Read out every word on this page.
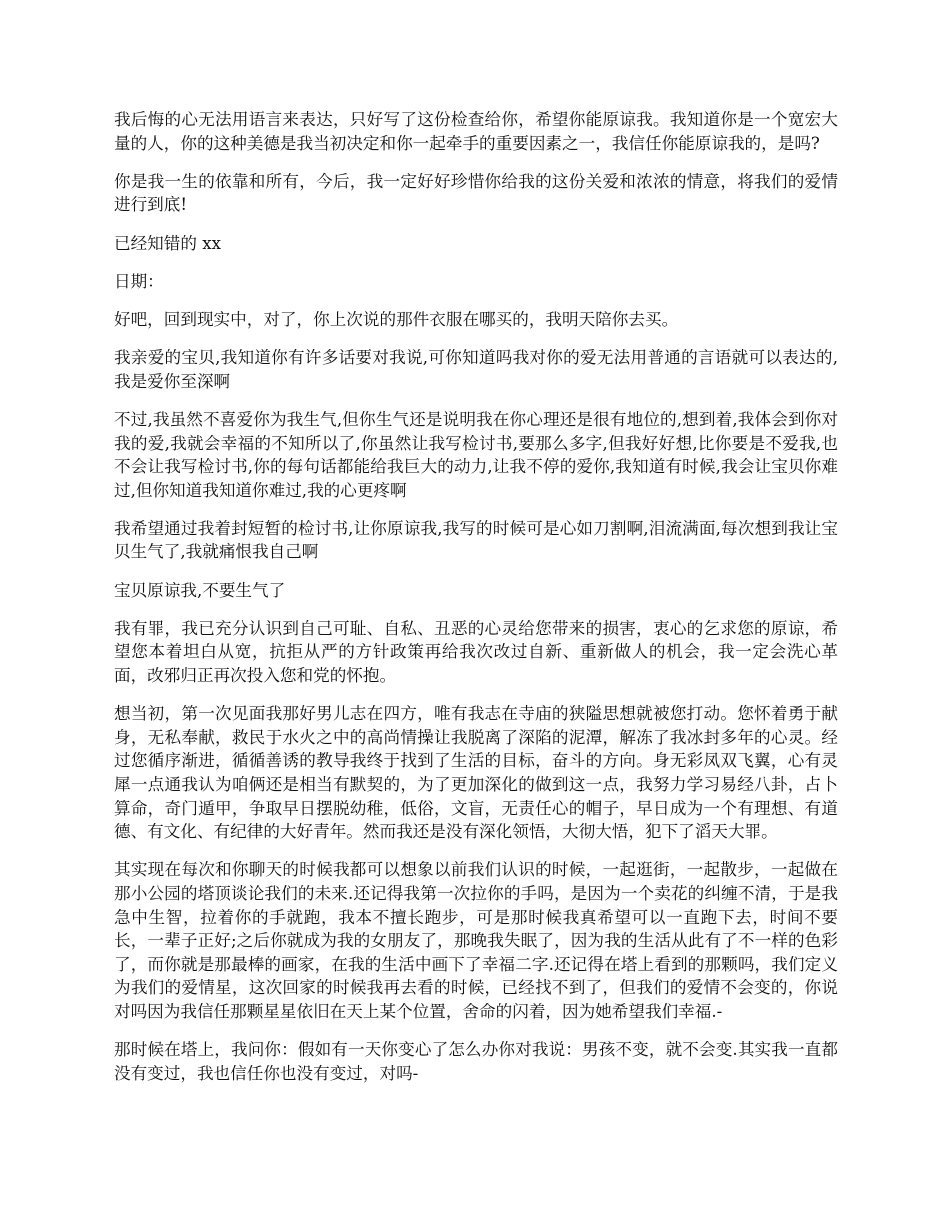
我后悔的心无法用语言来表达，只好写了这份检查给你，希望你能原谅我。我知道你是一个宽宏大量的人，你的这种美德是我当初决定和你一起牵手的重要因素之一，我信任你能原谅我的，是吗?

你是我一生的依靠和所有，今后，我一定好好珍惜你给我的这份关爱和浓浓的情意，将我们的爱情进行到底!

已经知错的 xx

日期：

好吧，回到现实中，对了，你上次说的那件衣服在哪买的，我明天陪你去买。

我亲爱的宝贝,我知道你有许多话要对我说,可你知道吗我对你的爱无法用普通的言语就可以表达的,我是爱你至深啊

不过,我虽然不喜爱你为我生气,但你生气还是说明我在你心理还是很有地位的,想到着,我体会到你对我的爱,我就会幸福的不知所以了,你虽然让我写检讨书,要那么多字,但我好好想,比你要是不爱我,也不会让我写检讨书,你的每句话都能给我巨大的动力,让我不停的爱你,我知道有时候,我会让宝贝你难过,但你知道我知道你难过,我的心更疼啊

我希望通过我着封短暂的检讨书,让你原谅我,我写的时候可是心如刀割啊,泪流满面,每次想到我让宝贝生气了,我就痛恨我自己啊

宝贝原谅我,不要生气了

我有罪，我已充分认识到自己可耻、自私、丑恶的心灵给您带来的损害，衷心的乞求您的原谅，希望您本着坦白从宽，抗拒从严的方针政策再给我次改过自新、重新做人的机会，我一定会洗心革面，改邪归正再次投入您和党的怀抱。

想当初，第一次见面我那好男儿志在四方，唯有我志在寺庙的狭隘思想就被您打动。您怀着勇于献身，无私奉献，救民于水火之中的高尚情操让我脱离了深陷的泥潭，解冻了我冰封多年的心灵。经过您循序渐进，循循善诱的教导我终于找到了生活的目标，奋斗的方向。身无彩凤双飞翼，心有灵犀一点通我认为咱俩还是相当有默契的，为了更加深化的做到这一点，我努力学习易经八卦，占卜算命，奇门遁甲，争取早日摆脱幼稚，低俗，文盲，无责任心的帽子，早日成为一个有理想、有道德、有文化、有纪律的大好青年。然而我还是没有深化领悟，大彻大悟，犯下了滔天大罪。

其实现在每次和你聊天的时候我都可以想象以前我们认识的时候，一起逛街，一起散步，一起做在那小公园的塔顶谈论我们的未来.还记得我第一次拉你的手吗，是因为一个卖花的纠缠不清，于是我急中生智，拉着你的手就跑，我本不擅长跑步，可是那时候我真希望可以一直跑下去，时间不要长，一辈子正好;之后你就成为我的女朋友了，那晚我失眠了，因为我的生活从此有了不一样的色彩了，而你就是那最棒的画家，在我的生活中画下了幸福二字.还记得在塔上看到的那颗吗，我们定义为我们的爱情星，这次回家的时候我再去看的时候，已经找不到了，但我们的爱情不会变的，你说对吗因为我信任那颗星星依旧在天上某个位置，舍命的闪着，因为她希望我们幸福.-

那时候在塔上，我问你：假如有一天你变心了怎么办你对我说：男孩不变，就不会变.其实我一直都没有变过，我也信任你也没有变过，对吗-
